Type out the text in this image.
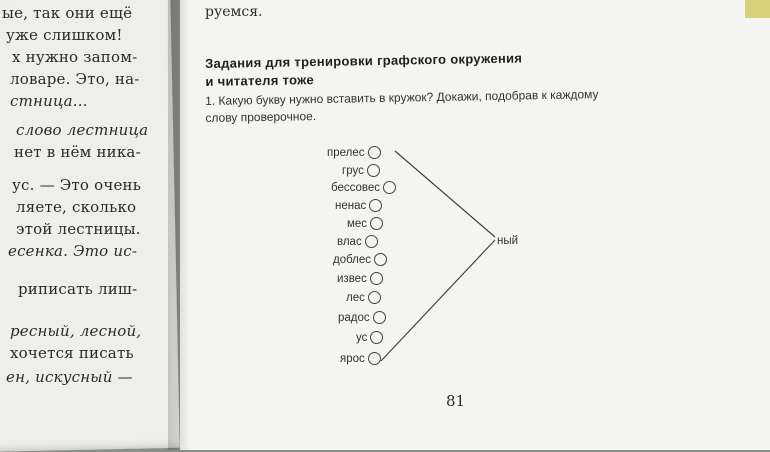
ые, так они ещё
уже слишком!
х нужно запом-
ловаре. Это, на-
стница...
слово лестница
нет в нём ника-
ус. — Это очень
ляете, сколько
этой лестницы.
есенка. Это ис-
риписать лиш-
ресный, лесной,
хочется писать
ен, искусный —
руемся.
Задания для тренировки графского окружения
и читателя тоже
1. Какую букву нужно вставить в кружок? Докажи, подобрав к каждому
слову проверочное.
прелес
грус
бессовес
ненас
мес
влас
доблес
извес
лес
радос
ус
ярос
ный
81
